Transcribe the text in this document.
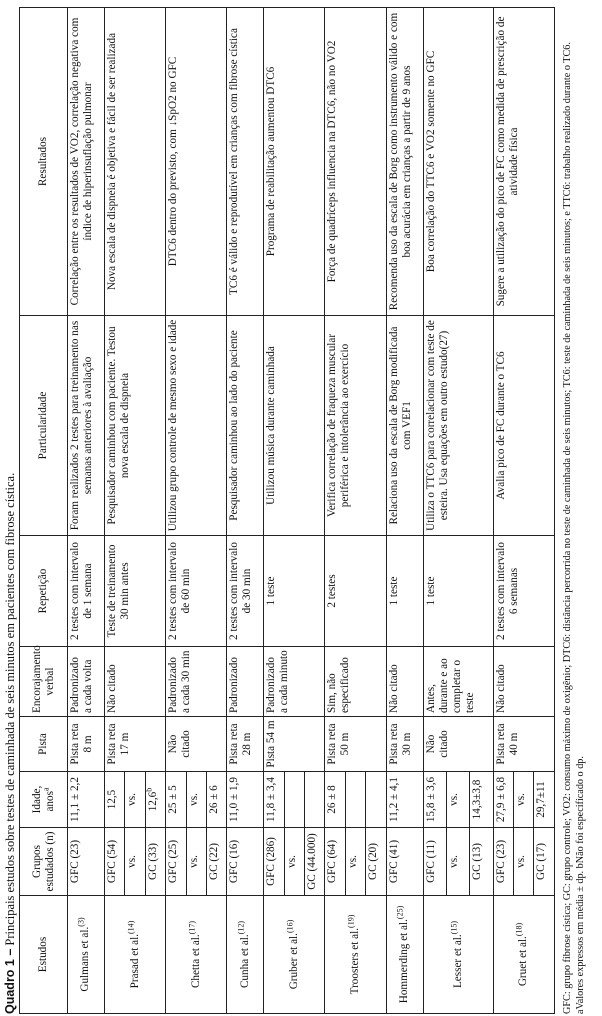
Quadro 1 – Principais estudos sobre testes de caminhada de seis minutos em pacientes com fibrose cística.
Estudos	Grupos estudados (n)	Idade, anos$^a$	Pista	Encorajamento verbal	Repetição	Particularidade	Resultados
Gulmans et al.$^{(3)}$	GFC (23)	11,1 ± 2,2	Pista reta 8 m	Padronizado a cada volta	2 testes com intervalo de 1 semana	Foram realizados 2 testes para treinamento nas semanas anteriores à avaliação	Correlação entre os resultados de VO2, correlação negativa com índice de hiperinsuflação pulmonar
Prasad et al.$^{(14)}$	GFC (54)	12,5	Pista reta 17 m	Não citado	Teste de treinamento 30 min antes	Pesquisador caminhou com paciente. Testou nova escala de dispneia	Nova escala de dispneia é objetiva e fácil de ser realizada
	vs.	vs.					
	GC (33)	12,6$^b$
Chetta et al.$^{(17)}$	GFC (25)	25 ± 5	Não citado	Padronizado a cada 30 min	2 testes com intervalo de 60 min	Utilizou grupo controle de mesmo sexo e idade	DTC6 dentro do previsto, com ↓SpO2 no GFC
	vs.	vs.					
	GC (22)	26 ± 6					
Cunha et al.$^{(12)}$	GFC (16)	11,0 ± 1,9	Pista reta 28 m	Padronizado	2 testes com intervalo de 30 min	Pesquisador caminhou ao lado do paciente	TC6 é válido e reprodutível em crianças com fibrose cística
Gruber et al.$^{(16)}$	GFC (286)	11,8 ± 3,4	Pista 54 m	Padronizado a cada minuto	1 teste	Utilizou música durante caminhada	Programa de reabilitação aumentou DTC6
	vs.						
	GC (44.000)						
Troosters et al.$^{(19)}$	GFC (64)	26 ± 8	Pista reta 50 m	Sim, não especificado	2 testes	Verifica correlação de fraqueza muscular periférica e intolerância ao exercício	Força de quadríceps influencia na DTC6, não no VO2
	vs.						
	GC (20)						
Hommerding et al.$^{(25)}$	GFC (41)	11,2 ± 4,1	Pista reta 30 m	Não citado	1 teste	Relaciona uso da escala de Borg modificada com VEF1	Recomenda uso da escala de Borg como instrumento válido e com boa acurácia em crianças a partir de 9 anos
Lesser et al.$^{(15)}$	GFC (11)	15,8 ± 3,6	Não citado	Antes, durante e ao completar o teste	1 teste	Utiliza o TTC6 para correlacionar com teste de esteira. Usa equações em outro estudo(27)	Boa correlação do TTC6 e VO2 somente no GFC
	vs.	vs.					
	GC (13)	14,3±3,8					
Gruet et al.$^{(18)}$	GFC (23)	27,9 ± 6,8	Pista reta 40 m	Não citado	2 testes com intervalo 6 semanas	Avalia pico de FC durante o TC6	Sugere a utilização do pico de FC como medida de prescrição de atividade física
	vs.	vs.					
	GC (17)	29,7±11					GFC: grupo fibrose cística; GC: grupo controle; VO2: consumo máximo de oxigênio; DTC6: distância percorrida no teste de caminhada de seis minutos; TC6: teste de caminhada de seis minutos; e TTC6: trabalho realizado durante o TC6. aValores expressos em média ± dp. bNão foi especificado o dp.
